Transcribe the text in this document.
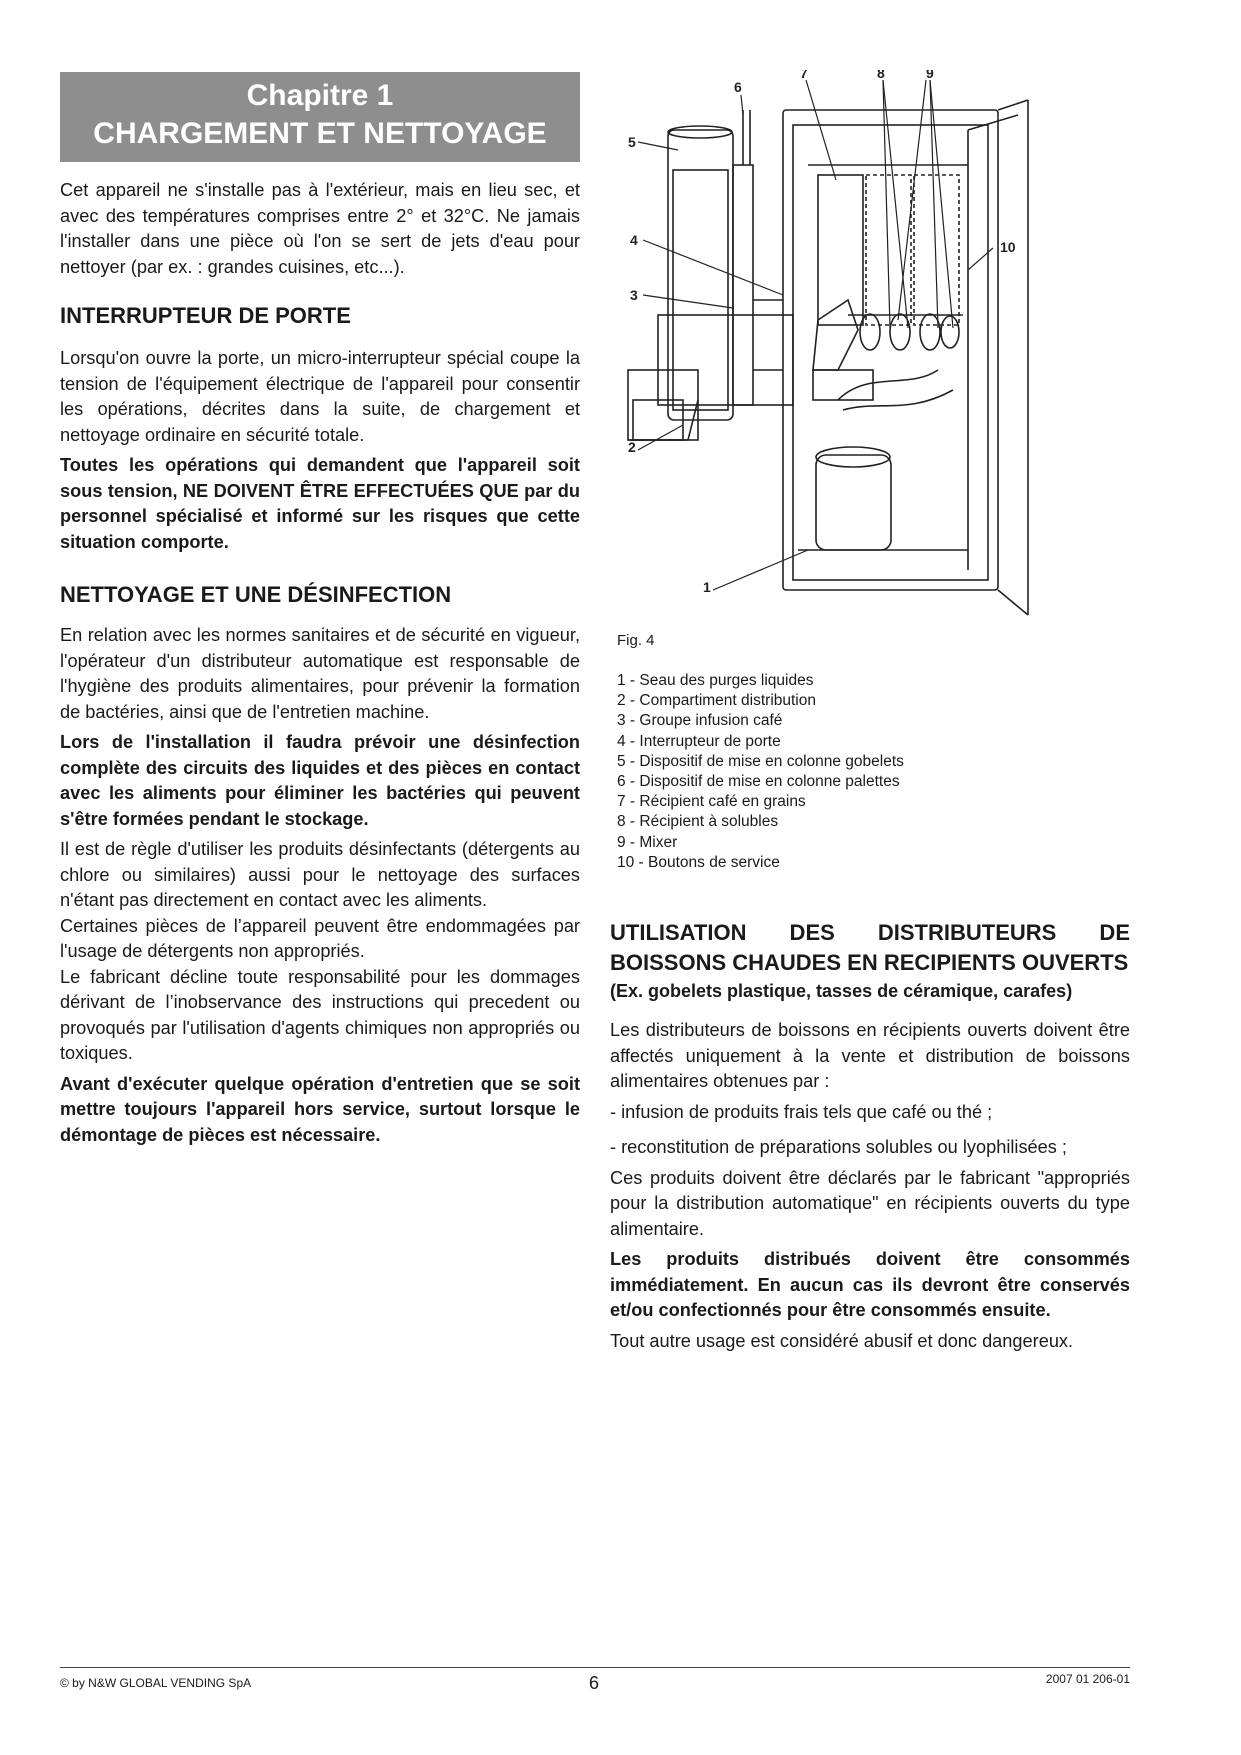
Chapitre 1
CHARGEMENT ET NETTOYAGE

Cet appareil ne s'installe pas à l'extérieur, mais en lieu sec, et avec des températures comprises entre 2° et 32°C. Ne jamais l'installer dans une pièce où l'on se sert de jets d'eau pour nettoyer (par ex. : grandes cuisines, etc...).

INTERRUPTEUR DE PORTE

Lorsqu'on ouvre la porte, un micro-interrupteur spécial coupe la tension de l'équipement électrique de l'appareil pour consentir les opérations, décrites dans la suite, de chargement et nettoyage ordinaire en sécurité totale.

Toutes les opérations qui demandent que l'appareil soit sous tension, NE DOIVENT ÊTRE EFFECTUÉES QUE par du personnel spécialisé et informé sur les risques que cette situation comporte.

NETTOYAGE ET UNE DÉSINFECTION

En relation avec les normes sanitaires et de sécurité en vigueur, l'opérateur d'un distributeur automatique est responsable de l'hygiène des produits alimentaires, pour prévenir la formation de bactéries, ainsi que de l'entretien machine.

Lors de l'installation il faudra prévoir une désinfection complète des circuits des liquides et des pièces en contact avec les aliments pour éliminer les bactéries qui peuvent s'être formées pendant le stockage.

Il est de règle d'utiliser les produits désinfectants (détergents au chlore ou similaires) aussi pour le nettoyage des surfaces n'étant pas directement en contact avec les aliments.

Certaines pièces de l’appareil peuvent être endommagées par l'usage de détergents non appropriés.

Le fabricant décline toute responsabilité pour les dommages dérivant de l’inobservance des instructions qui precedent ou provoqués par l'utilisation d'agents chimiques non appropriés ou toxiques.

Avant d'exécuter quelque opération d'entretien que se soit mettre toujours l'appareil hors service, surtout lorsque le démontage de pièces est nécessaire.

1
2
3
4
5
6
7	8	9
10
Fig. 4
1 - Seau des purges liquides
2 - Compartiment distribution
3 - Groupe infusion café
4 - Interrupteur de porte
5 - Dispositif de mise en colonne gobelets
6 - Dispositif de mise en colonne palettes
7 - Récipient café en grains
8 - Récipient à solubles
9 - Mixer
10 - Boutons de service
UTILISATION DES DISTRIBUTEURS DE BOISSONS CHAUDES EN RECIPIENTS OUVERTS
(Ex. gobelets plastique, tasses de céramique, carafes)

Les distributeurs de boissons en récipients ouverts doivent être affectés uniquement à la vente et distribution de boissons alimentaires obtenues par :

- infusion de produits frais tels que café ou thé ;

- reconstitution de préparations solubles ou lyophilisées ;

Ces produits doivent être déclarés par le fabricant "appropriés pour la distribution automatique" en récipients ouverts du type alimentaire.

Les produits distribués doivent être consommés immédiatement. En aucun cas ils devront être conservés et/ou confectionnés pour être consommés ensuite.

Tout autre usage est considéré abusif et donc dangereux.

© by N&W GLOBAL VENDING SpA	6	2007 01 206-01
